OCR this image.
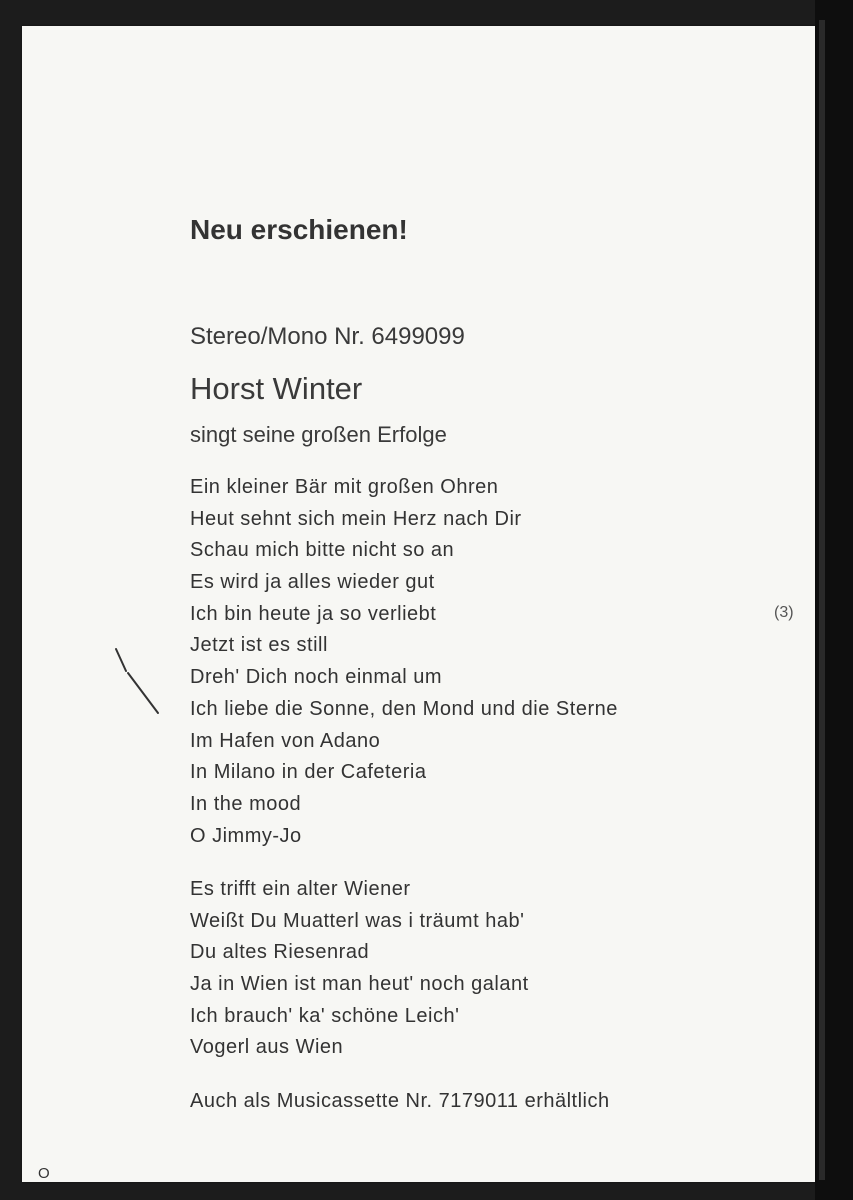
Neu erschienen!
Stereo/Mono Nr. 6499099
Horst Winter
singt seine großen Erfolge
Ein kleiner Bär mit großen Ohren
Heut sehnt sich mein Herz nach Dir
Schau mich bitte nicht so an
Es wird ja alles wieder gut
Ich bin heute ja so verliebt
Jetzt ist es still
Dreh' Dich noch einmal um
Ich liebe die Sonne, den Mond und die Sterne
Im Hafen von Adano
In Milano in der Cafeteria
In the mood
O Jimmy-Jo
Es trifft ein alter Wiener
Weißt Du Muatterl was i träumt hab'
Du altes Riesenrad
Ja in Wien ist man heut' noch galant
Ich brauch' ka' schöne Leich'
Vogerl aus Wien
Auch als Musicassette Nr. 7179011 erhältlich
(3)
O
